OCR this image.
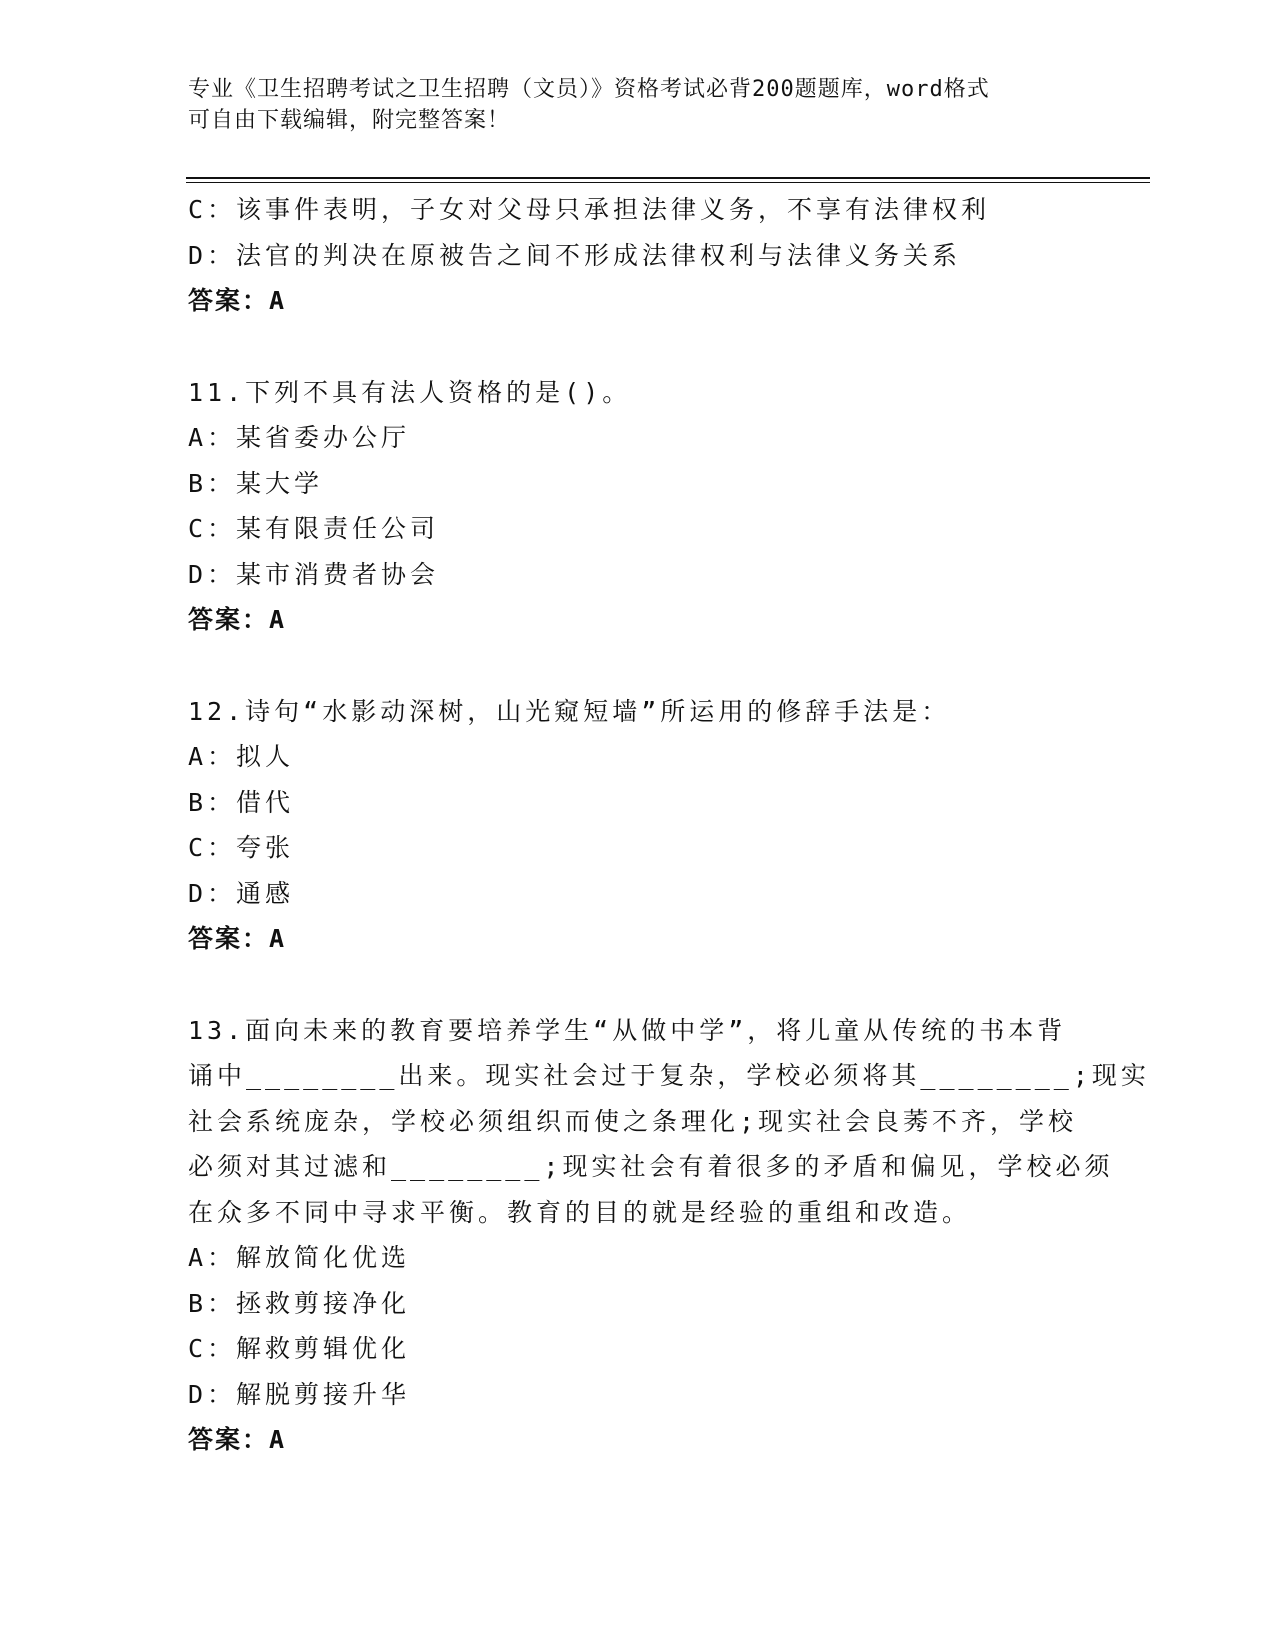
专业《卫生招聘考试之卫生招聘（文员）》资格考试必背200题题库，word格式
可自由下载编辑，附完整答案！
C：该事件表明，子女对父母只承担法律义务，不享有法律权利
D：法官的判决在原被告之间不形成法律权利与法律义务关系
答案：A
11.下列不具有法人资格的是()。
A：某省委办公厅
B：某大学
C：某有限责任公司
D：某市消费者协会
答案：A
12.诗句“水影动深树，山光窥短墙”所运用的修辞手法是：
A：拟人
B：借代
C：夸张
D：通感
答案：A
13.面向未来的教育要培养学生“从做中学”，将儿童从传统的书本背
诵中________出来。现实社会过于复杂，学校必须将其________;现实
社会系统庞杂，学校必须组织而使之条理化;现实社会良莠不齐，学校
必须对其过滤和________;现实社会有着很多的矛盾和偏见，学校必须
在众多不同中寻求平衡。教育的目的就是经验的重组和改造。
A：解放简化优选
B：拯救剪接净化
C：解救剪辑优化
D：解脱剪接升华
答案：A
